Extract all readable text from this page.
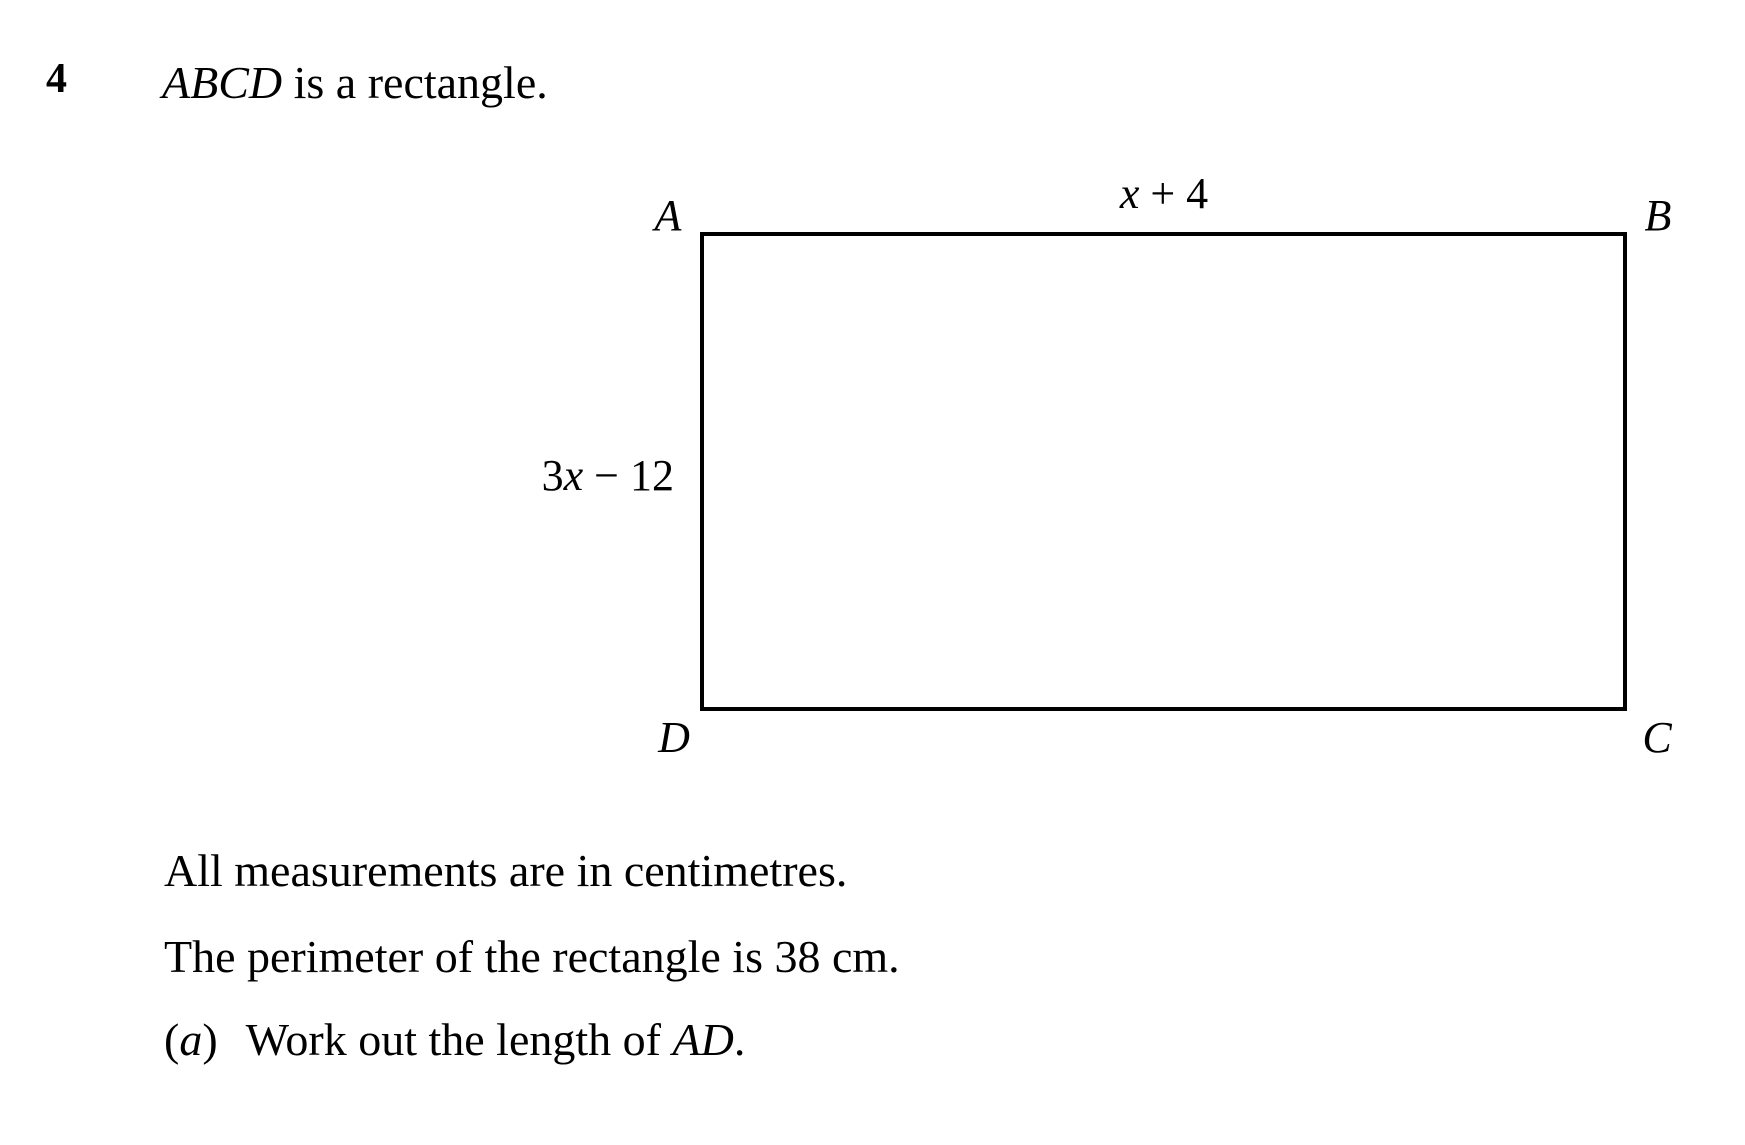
4 ABCD is a rectangle.
A	B
C
D
x + 4
3x − 12
All measurements are in centimetres.
The perimeter of the rectangle is 38 cm.
(a) Work out the length of AD.
